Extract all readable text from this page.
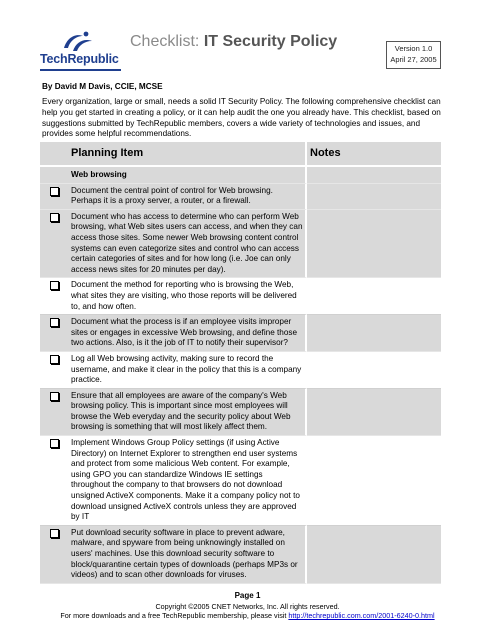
TechRepublic
Checklist: IT Security Policy	Version 1.0
April 27, 2005
By David M Davis, CCIE, MCSE
Every organization, large or small, needs a solid IT Security Policy. The following comprehensive checklist can help you get started in creating a policy, or it can help audit the one you already have. This checklist, based on suggestions submitted by TechRepublic members, covers a wide variety of technologies and issues, and provides some helpful recommendations.
	Planning Item	Notes
	Web browsing	
	Document the central point of control for Web browsing. Perhaps it is a proxy server, a router, or a firewall.	
	Document who has access to determine who can perform Web browsing, what Web sites users can access, and when they can access those sites. Some newer Web browsing content control systems can even categorize sites and control who can access certain categories of sites and for how long (i.e. Joe can only access news sites for 20 minutes per day).	
	Document the method for reporting who is browsing the Web, what sites they are visiting, who those reports will be delivered to, and how often.	
	Document what the process is if an employee visits improper sites or engages in excessive Web browsing, and define those two actions. Also, is it the job of IT to notify their supervisor?	
	Log all Web browsing activity, making sure to record the username, and make it clear in the policy that this is a company practice.	
	Ensure that all employees are aware of the company's Web browsing policy. This is important since most employees will browse the Web everyday and the security policy about Web browsing is something that will most likely affect them.	
	Implement Windows Group Policy settings (if using Active Directory) on Internet Explorer to strengthen end user systems and protect from some malicious Web content. For example, using GPO you can standardize Windows IE settings throughout the company to that browsers do not download unsigned ActiveX components. Make it a company policy not to download unsigned ActiveX controls unless they are approved by IT	
	Put download security software in place to prevent adware, malware, and spyware from being unknowingly installed on users' machines. Use this download security software to block/quarantine certain types of downloads (perhaps MP3s or videos) and to scan other downloads for viruses.	
Page 1
Copyright ©2005 CNET Networks, Inc. All rights reserved.
For more downloads and a free TechRepublic membership, please visit http://techrepublic.com.com/2001-6240-0.html
